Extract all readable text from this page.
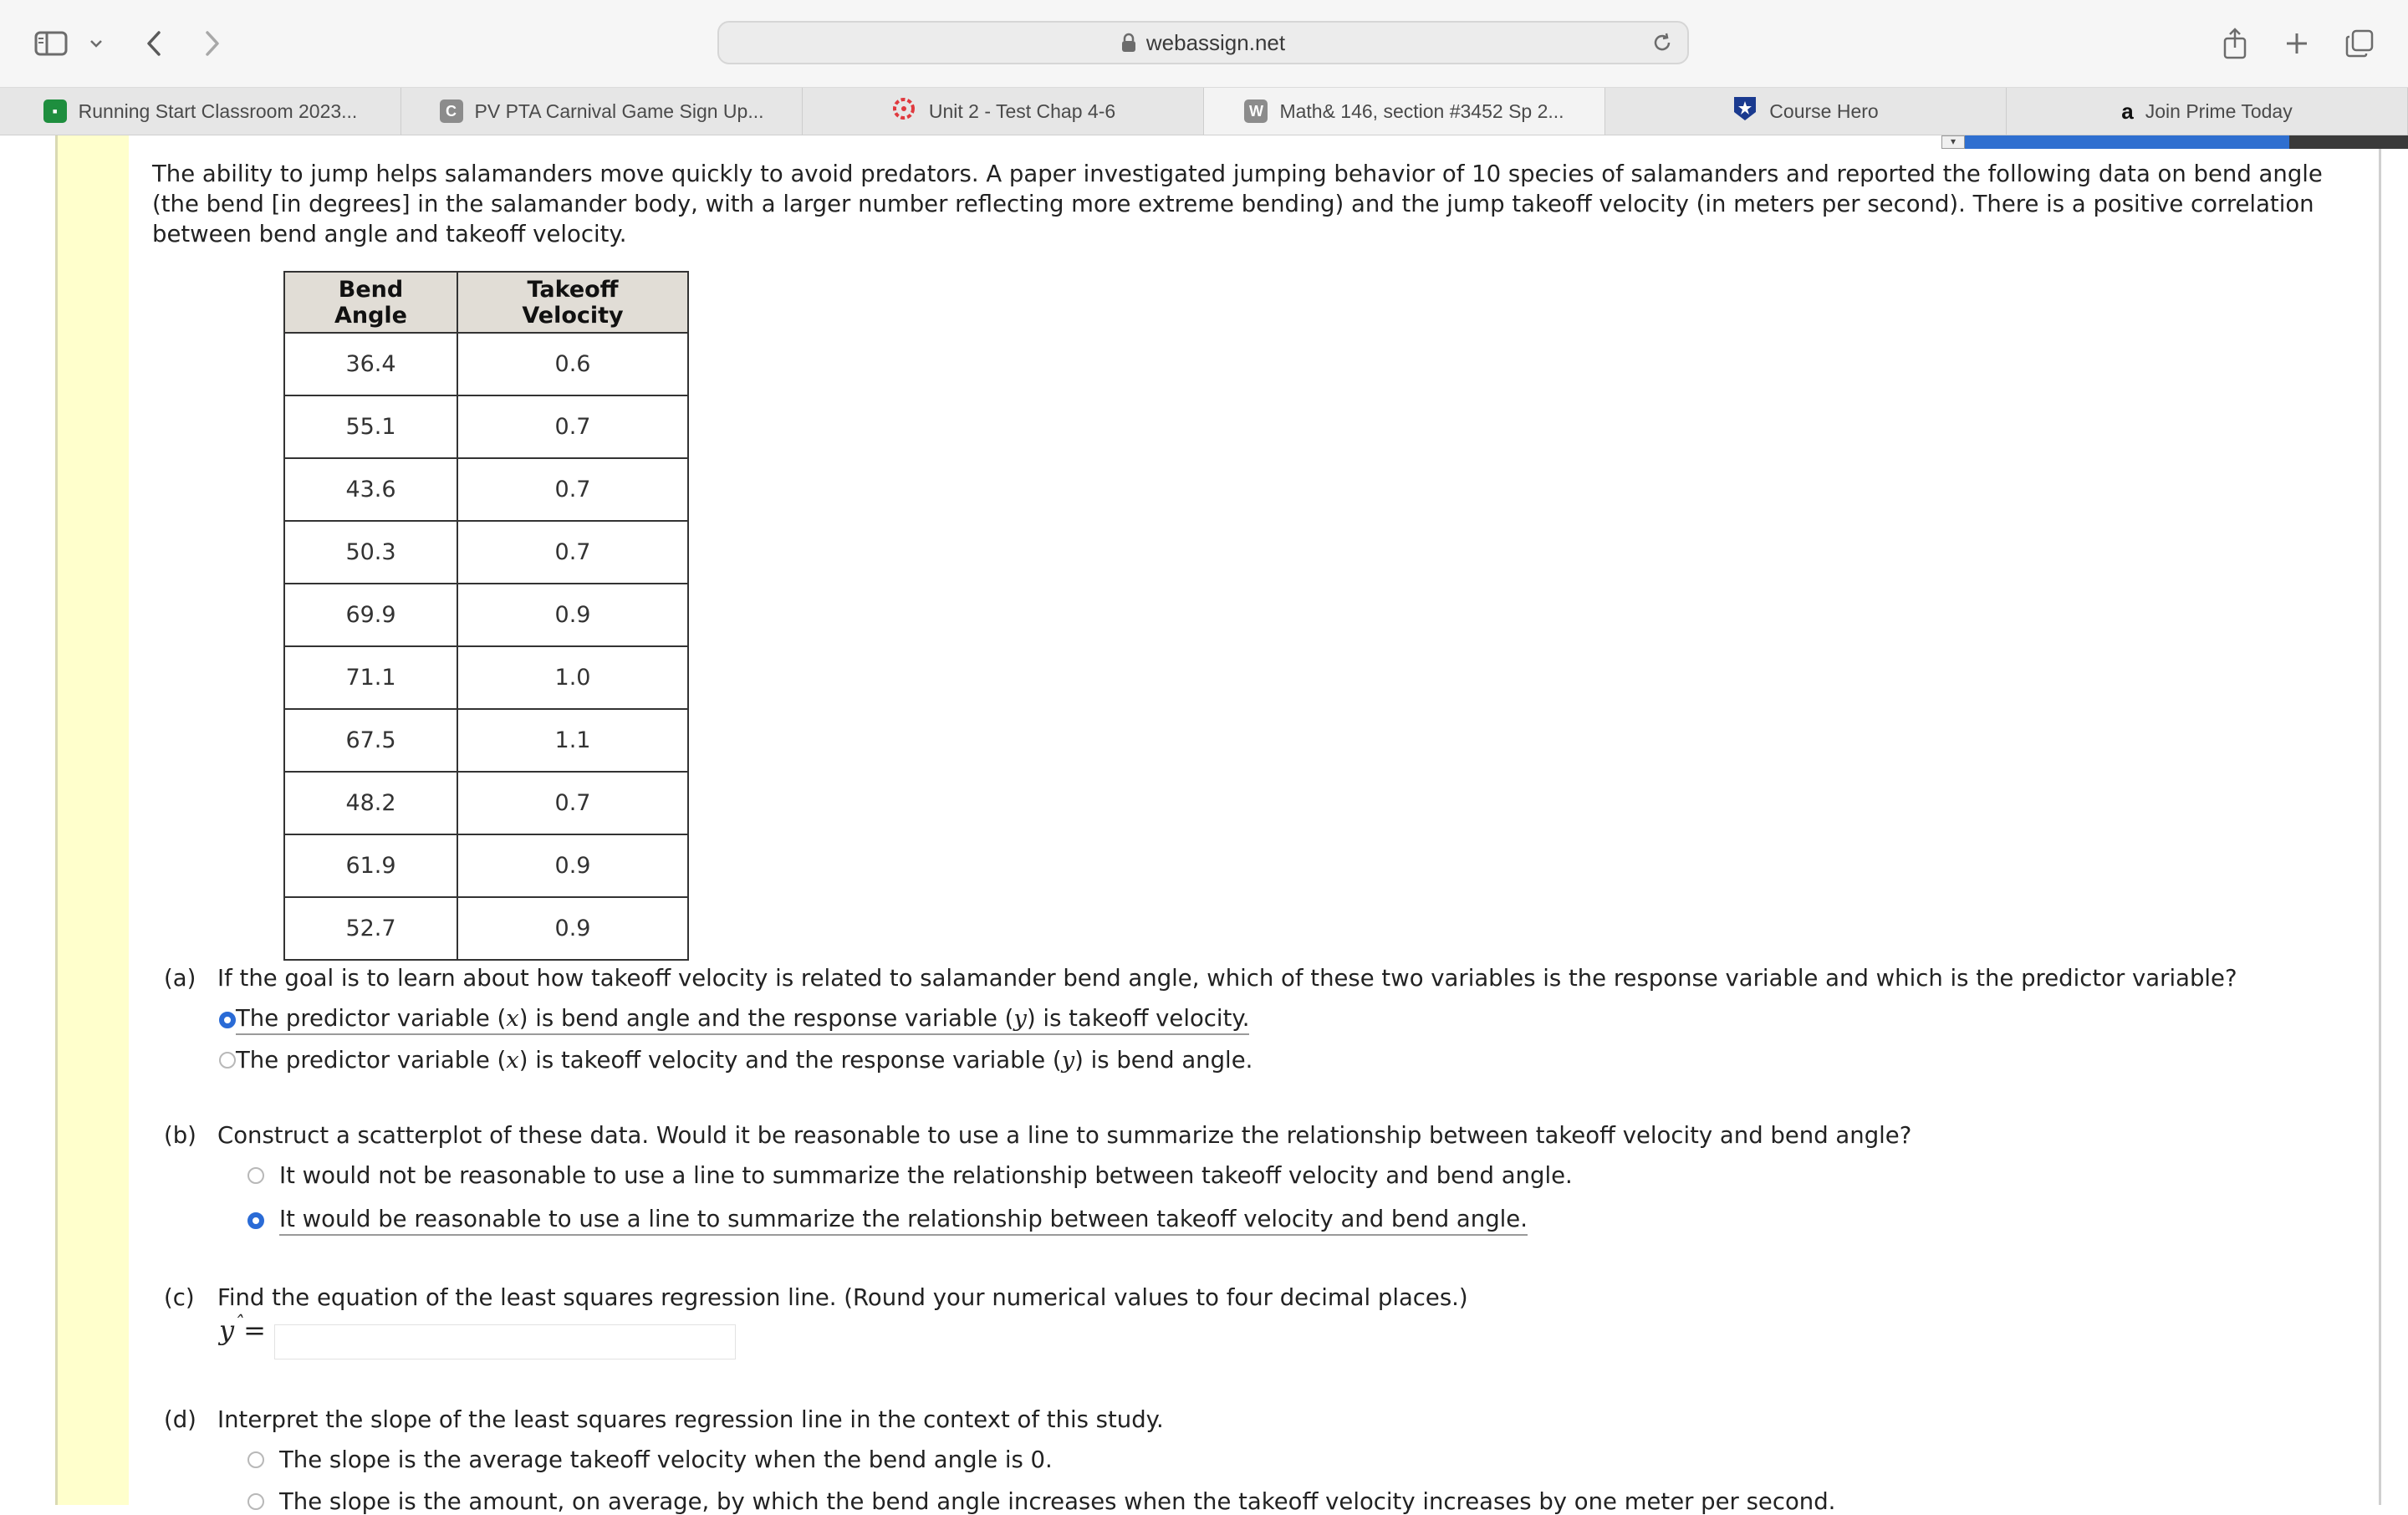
webassign.net
▪	Running Start Classroom 2023...	C PV PTA Carnival Game Sign Up...	Unit 2 - Test Chap 4-6	W Math& 146, section #3452 Sp 2...	Course Hero	a Join Prime Today
▾
The ability to jump helps salamanders move quickly to avoid predators. A paper investigated jumping behavior of 10 species of salamanders and reported the following data on bend angle (the bend [in degrees] in the salamander body, with a larger number reflecting more extreme bending) and the jump takeoff velocity (in meters per second). There is a positive correlation between bend angle and takeoff velocity.
Bend Angle	Takeoff Velocity
36.4	0.6
55.1	0.7
43.6	0.7
50.3	0.7
69.9	0.9
71.1	1.0
67.5	1.1
48.2	0.7
61.9	0.9
52.7	0.9
(a) If the goal is to learn about how takeoff velocity is related to salamander bend angle, which of these two variables is the response variable and which is the predictor variable?
The predictor variable (x) is bend angle and the response variable (y) is takeoff velocity.
The predictor variable (x) is takeoff velocity and the response variable (y) is bend angle.
(b) Construct a scatterplot of these data. Would it be reasonable to use a line to summarize the relationship between takeoff velocity and bend angle?
It would not be reasonable to use a line to summarize the relationship between takeoff velocity and bend angle.
It would be reasonable to use a line to summarize the relationship between takeoff velocity and bend angle.
(c) Find the equation of the least squares regression line. (Round your numerical values to four decimal places.)
$y^ˆ=$
(d) Interpret the slope of the least squares regression line in the context of this study.
The slope is the average takeoff velocity when the bend angle is 0.
The slope is the amount, on average, by which the bend angle increases when the takeoff velocity increases by one meter per second.
